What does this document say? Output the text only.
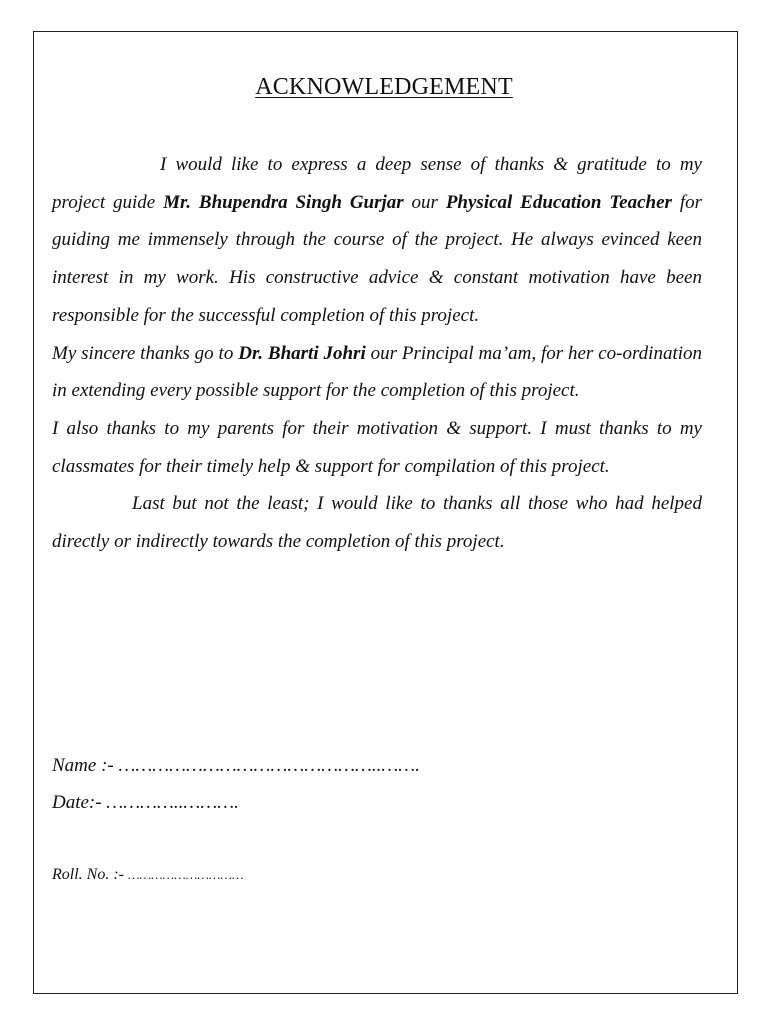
ACKNOWLEDGEMENT

I would like to express a deep sense of thanks & gratitude to my project guide Mr. Bhupendra Singh Gurjar our Physical Education Teacher for guiding me immensely through the course of the project. He always evinced keen interest in my work. His constructive advice & constant motivation have been responsible for the successful completion of this project.

My sincere thanks go to Dr. Bharti Johri our Principal ma’am, for her co-ordination in extending every possible support for the completion of this project.

I also thanks to my parents for their motivation & support. I must thanks to my classmates for their timely help & support for compilation of this project.

Last but not the least; I would like to thanks all those who had helped directly or indirectly towards the completion of this project.

Name :- ………………………………………..…….
Date:- …………..……….
Roll. No. :- …………………………
